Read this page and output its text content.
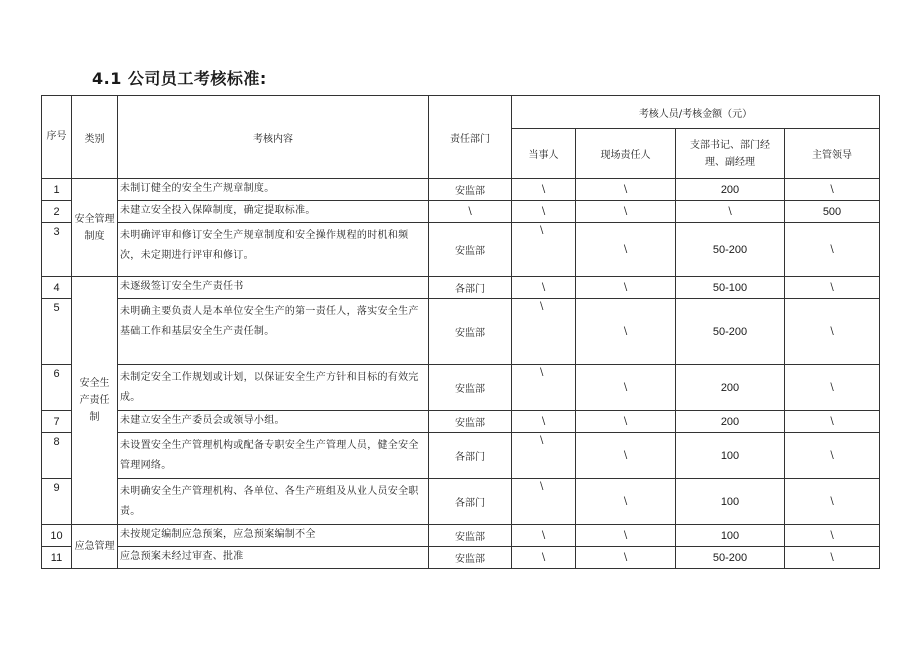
4.1 公司员工考核标准:
序号	类别	考核内容	责任部门	考核人员/考核金额（元）			
				当事人	现场责任人	支部书记、部门经理、副经理	主管领导
1	安全管理制度	未制订健全的安全生产规章制度。	安监部	\	\	200	\
2		未建立安全投入保障制度，确定提取标准。	\	\	\	\	500
3		未明确评审和修订安全生产规章制度和安全操作规程的时机和频次，未定期进行评审和修订。	安监部	\	\	50-200	\
4	安全生产责任制	未逐级签订安全生产责任书	各部门	\	\	50-100	\
5		未明确主要负责人是本单位安全生产的第一责任人，落实安全生产基础工作和基层安全生产责任制。	安监部	\	\	50-200	\
6		未制定安全工作规划或计划，以保证安全生产方针和目标的有效完成。	安监部	\	\	200	\
7		未建立安全生产委员会或领导小组。	安监部	\	\	200	\
8		未设置安全生产管理机构或配备专职安全生产管理人员，健全安全管理网络。	各部门	\	\	100	\
9		未明确安全生产管理机构、各单位、各生产班组及从业人员安全职责。	各部门	\	\	100	\
10	应急管理	未按规定编制应急预案，应急预案编制不全	安监部	\	\	100	\
11		应急预案未经过审查、批准	安监部	\	\	50-200	\
